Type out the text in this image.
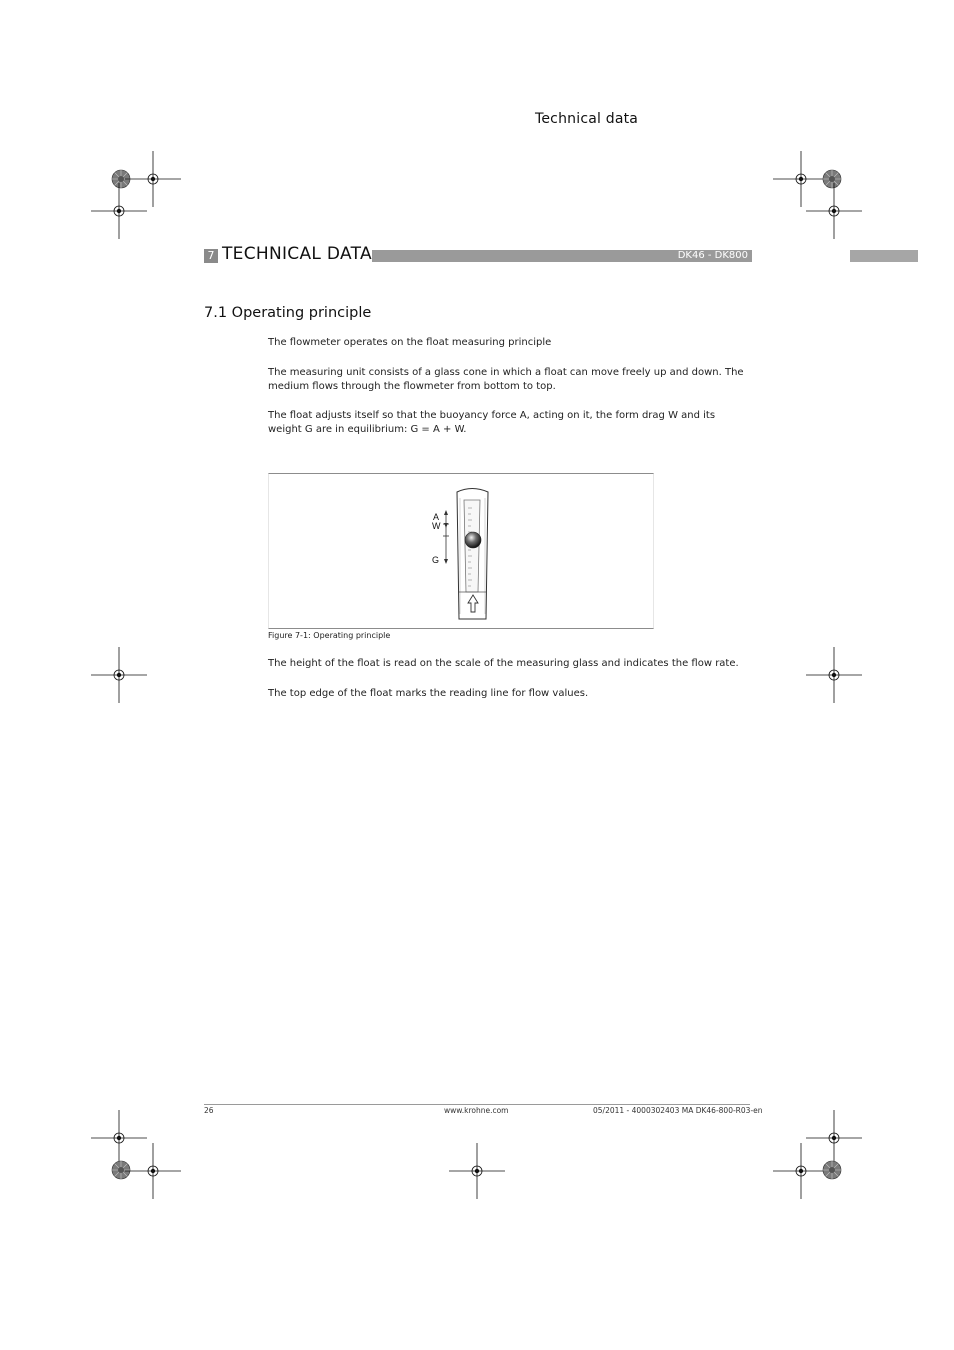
Technical data
7 TECHNICAL DATA	DK46 - DK800
7.1 Operating principle
The flowmeter operates on the float measuring principle
The measuring unit consists of a glass cone in which a float can move freely up and down. The medium flows through the flowmeter from bottom to top.
The float adjusts itself so that the buoyancy force A, acting on it, the form drag W and its weight G are in equilibrium: G = A + W.
A
W
G
Figure 7-1: Operating principle
The height of the float is read on the scale of the measuring glass and indicates the flow rate.
The top edge of the float marks the reading line for flow values.
26	www.krohne.com	05/2011 - 4000302403 MA DK46-800-R03-en
